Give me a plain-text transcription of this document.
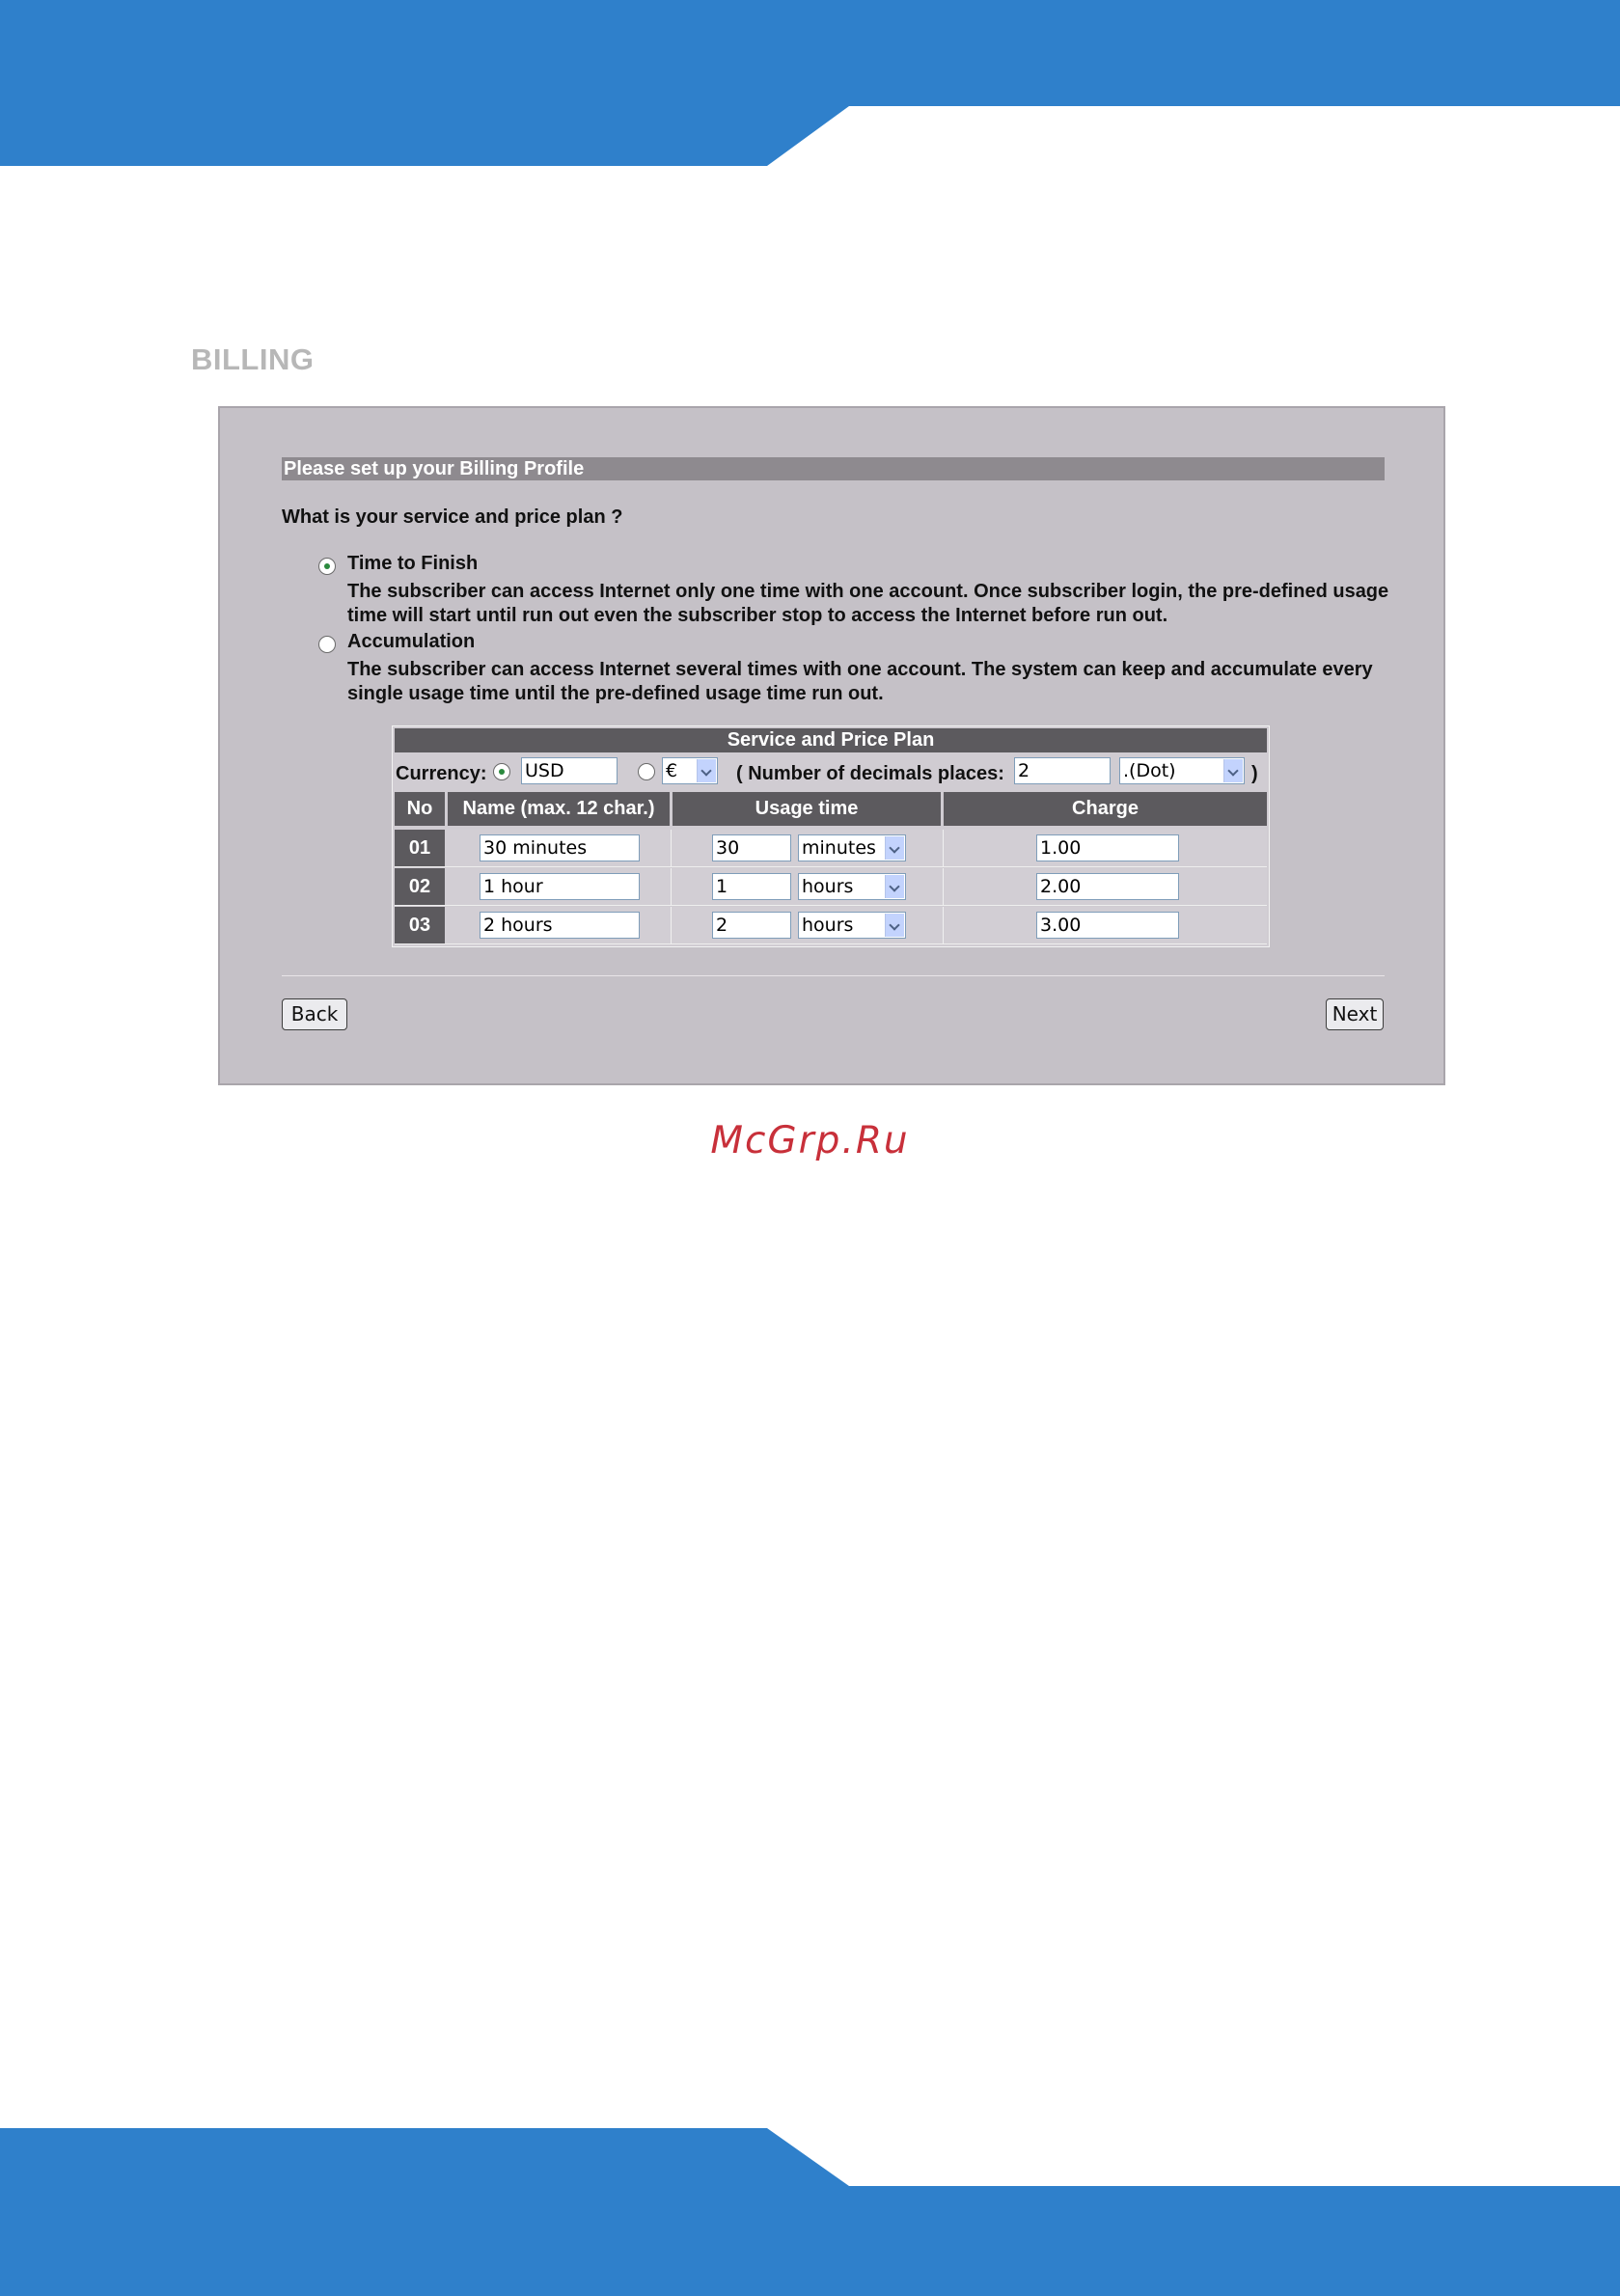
BILLING
Please set up your Billing Profile
What is your service and price plan ?
Time to Finish
The subscriber can access Internet only one time with one account. Once subscriber login, the pre-defined usage time will start until run out even the subscriber stop to access the Internet before run out.
Accumulation
The subscriber can access Internet several times with one account. The system can keep and accumulate every single usage time until the pre-defined usage time run out.
Service and Price Plan
Currency: USD	€	( Number of decimals places: 2	.(Dot)	)
No	Name (max. 12 char.)	Usage time	Charge
01	30 minutes	30	minutes	1.00
02	1 hour	1	hours	2.00
03	2 hours	2	hours	3.00
Back	Next
McGrp.Ru
